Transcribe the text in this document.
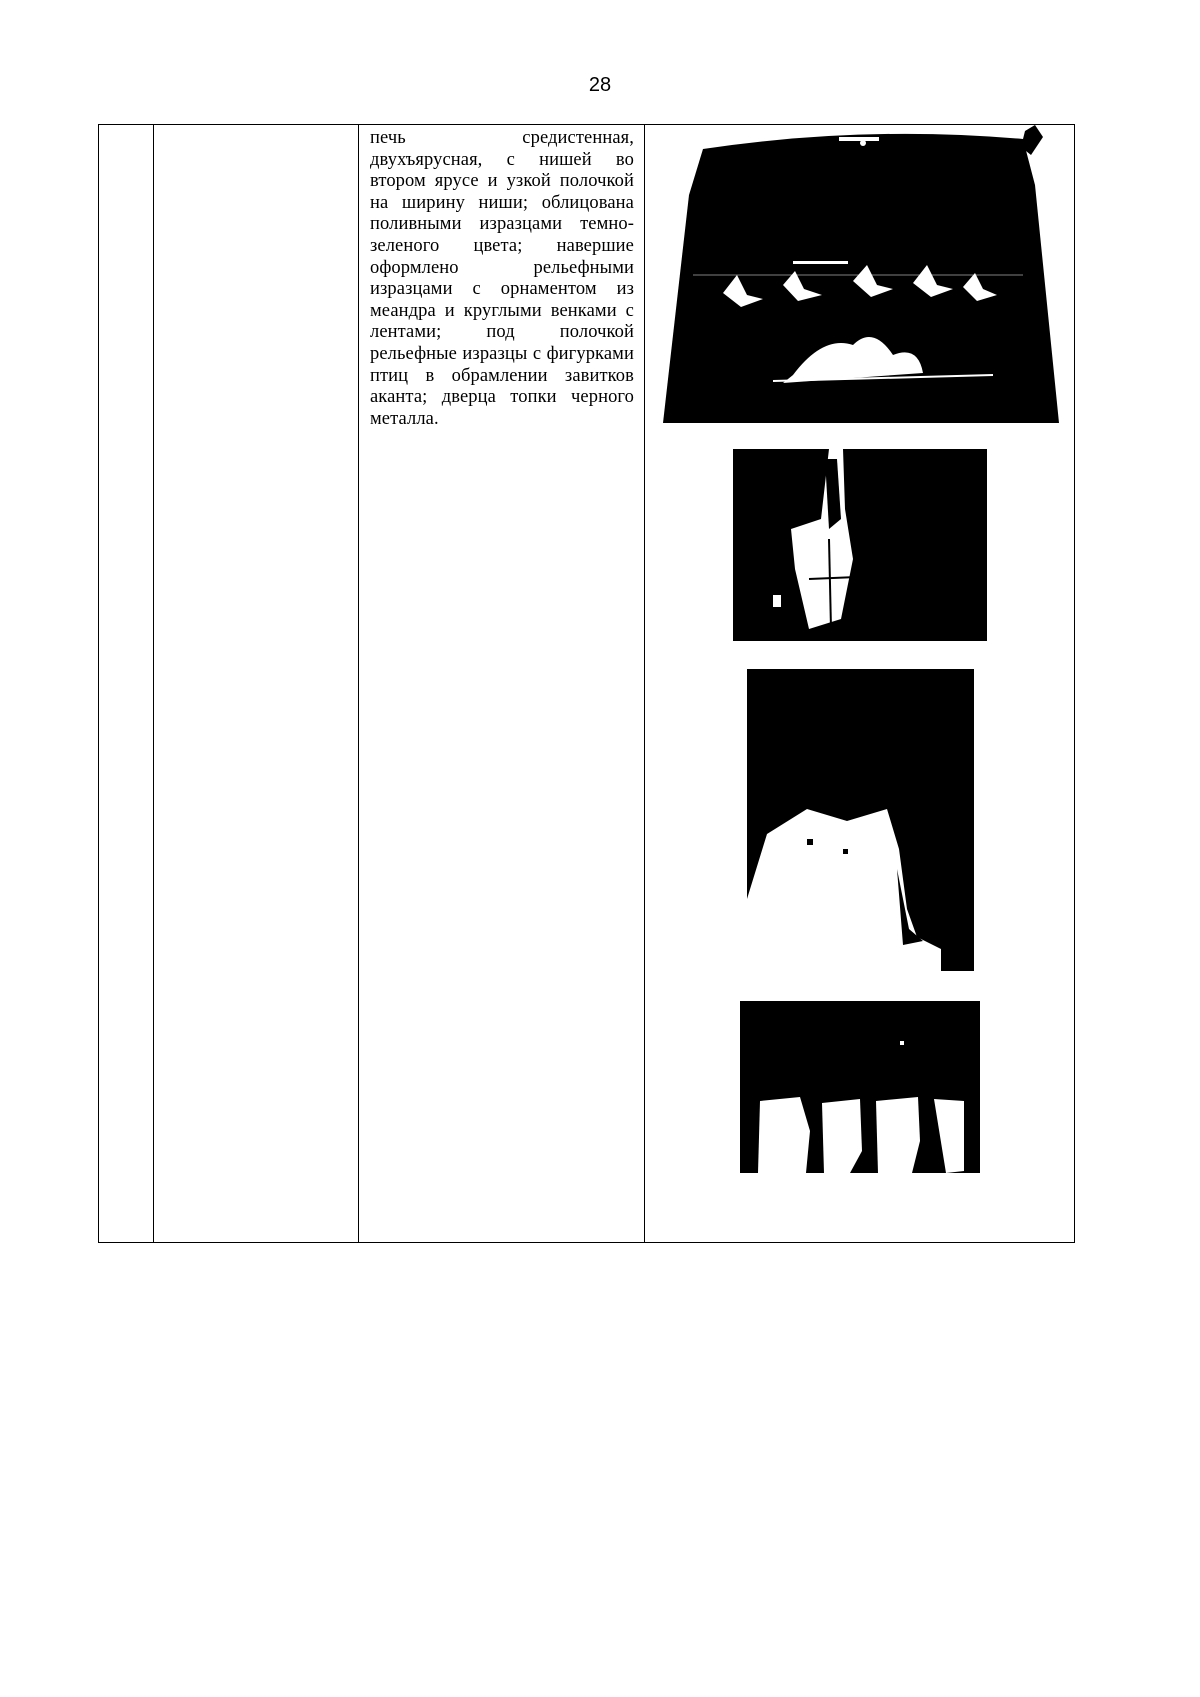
28

печь средистенная, двухъярусная, с нишей во втором ярусе и узкой полочкой на ширину ниши; облицована поливными изразцами темно-зеленого цвета; навершие оформлено рельефными изразцами с орнаментом из меандра и круглыми венками с лентами; под полочкой рельефные изразцы с фигурками птиц в обрамлении завитков аканта; дверца топки черного металла.
